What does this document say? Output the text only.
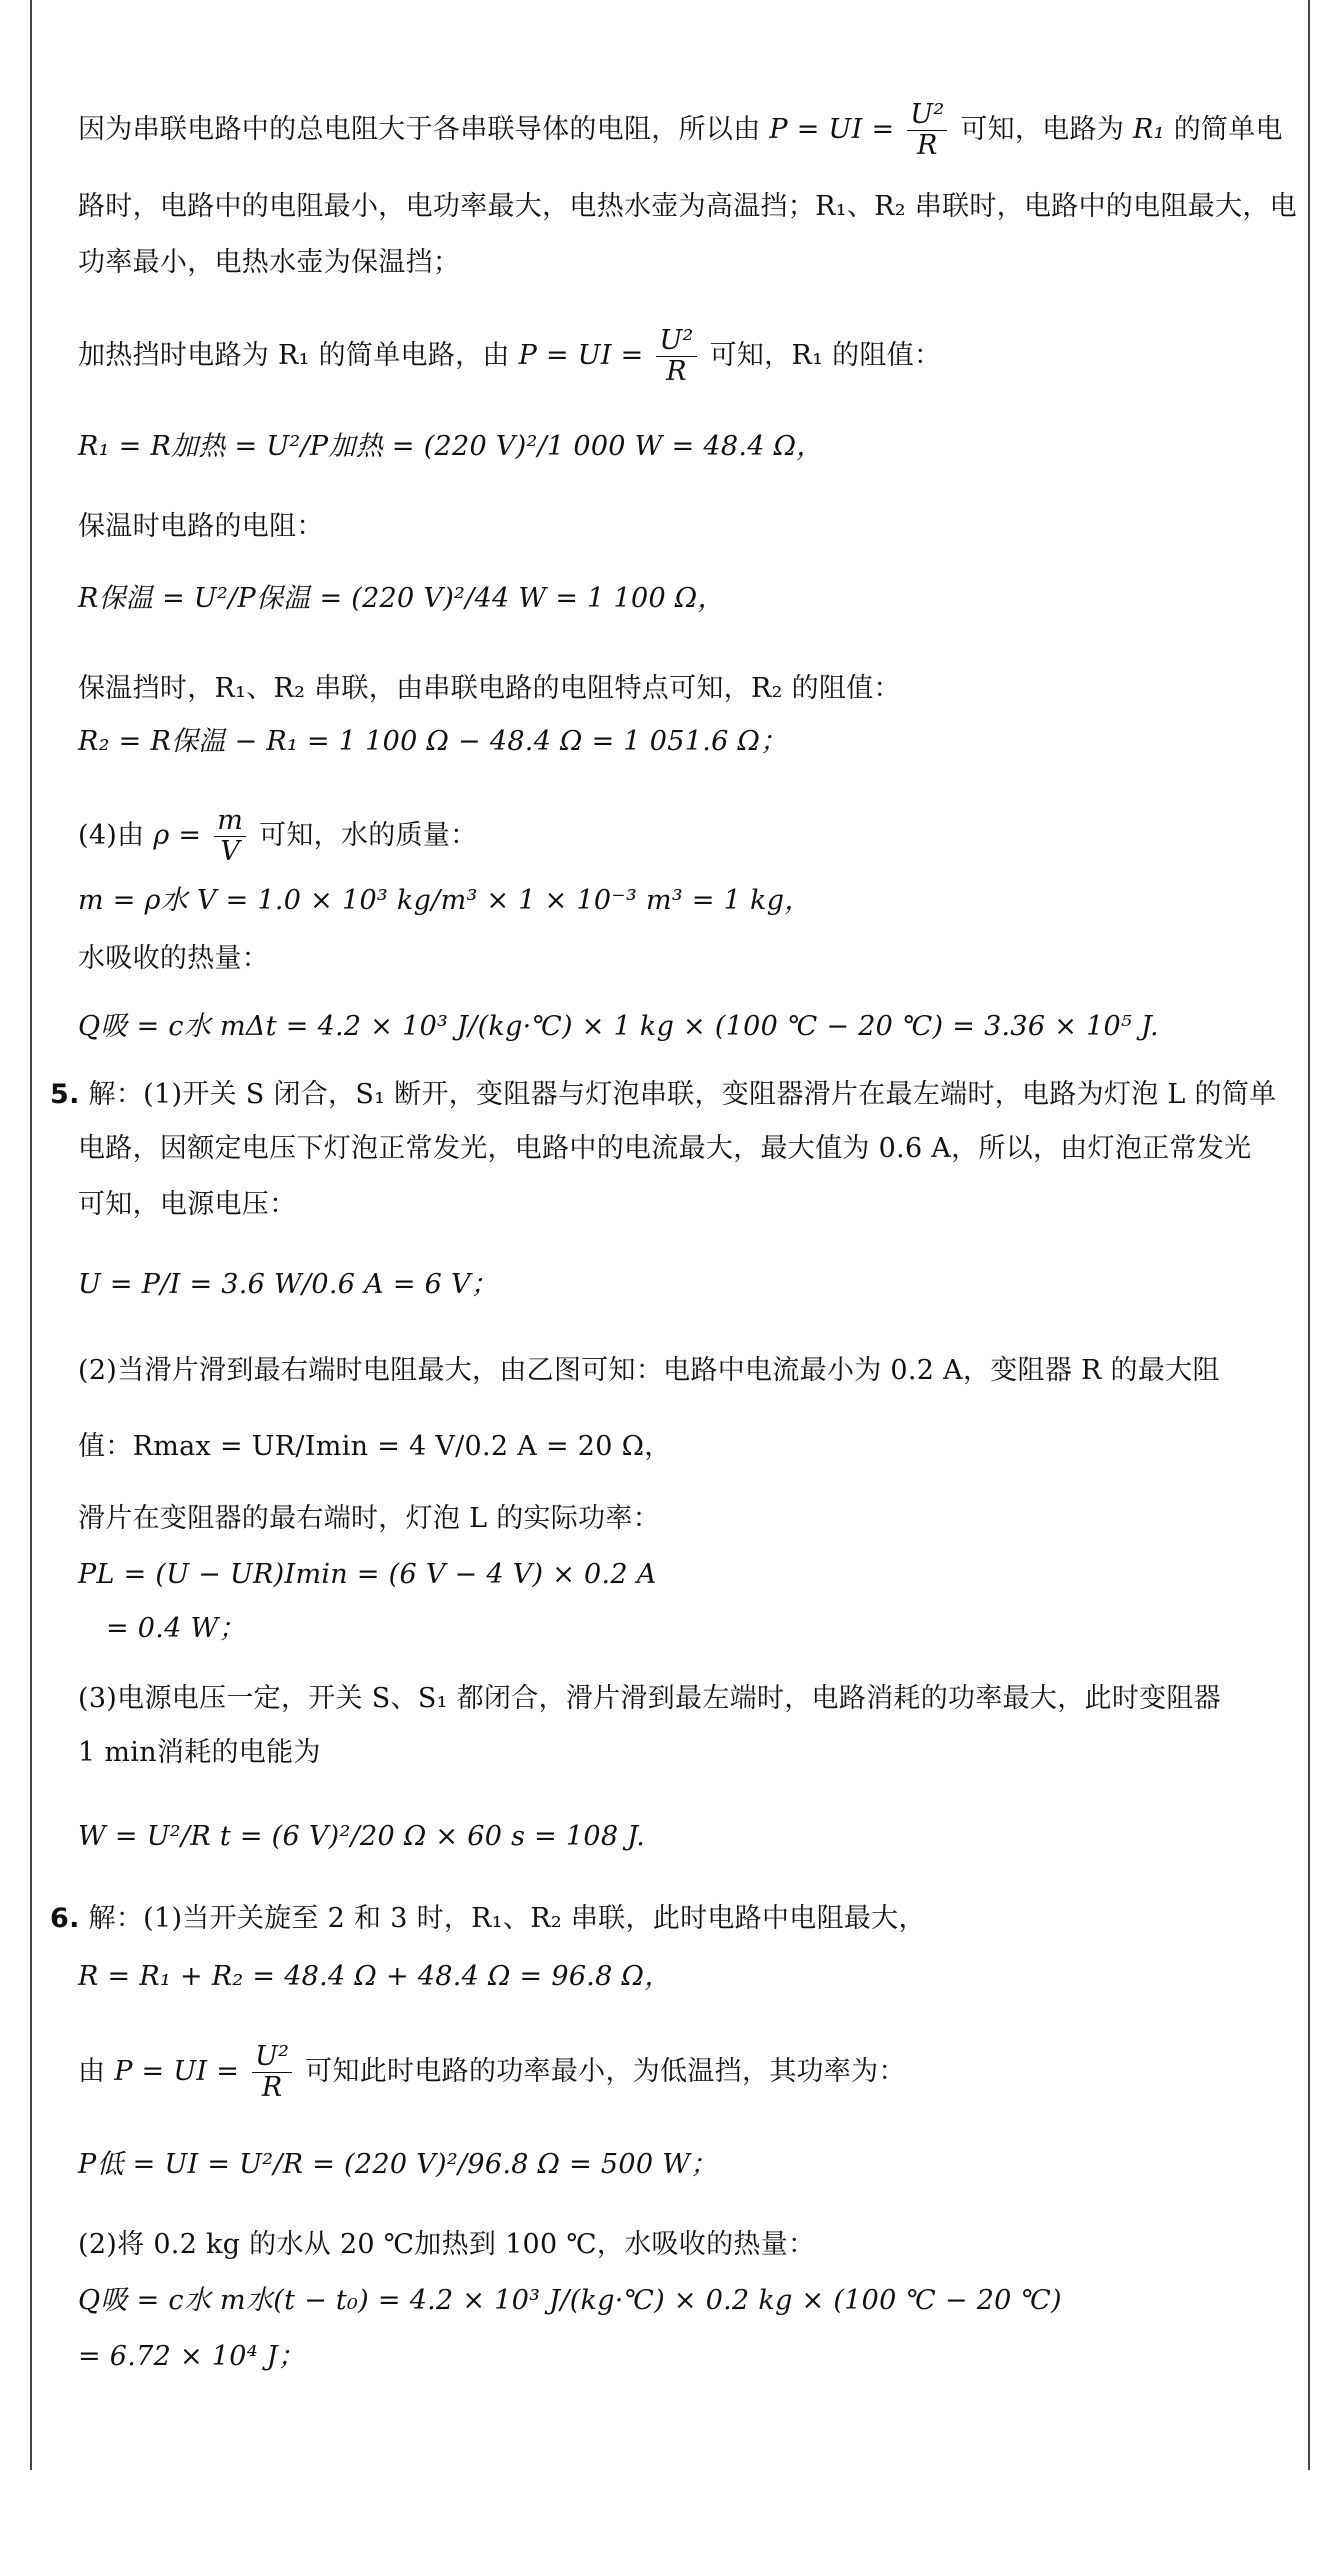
因为串联电路中的总电阻大于各串联导体的电阻，所以由 P = UI = $\frac{\text{U²}}{R}$ 可知，电路为 R₁ 的简单电
路时，电路中的电阻最小，电功率最大，电热水壶为高温挡；R₁、R₂ 串联时，电路中的电阻最大，电
功率最小，电热水壶为保温挡；
加热挡时电路为 R₁ 的简单电路，由 P = UI = $\frac{\text{U²}}{R}$ 可知，R₁ 的阻值：
R₁ = R加热 = U²/P加热 = (220 V)²/1 000 W = 48.4 Ω，
保温时电路的电阻：
R保温 = U²/P保温 = (220 V)²/44 W = 1 100 Ω，
保温挡时，R₁、R₂ 串联，由串联电路的电阻特点可知，R₂ 的阻值：
R₂ = R保温 − R₁ = 1 100 Ω − 48.4 Ω = 1 051.6 Ω；
(4)由 $\rho = \frac{m}{V}$ 可知，水的质量：
m = ρ水 V = 1.0 × 10³ kg/m³ × 1 × 10⁻³ m³ = 1 kg，
水吸收的热量：
Q吸 = c水 mΔt = 4.2 × 10³ J/(kg·℃) × 1 kg × (100 ℃ − 20 ℃) = 3.36 × 10⁵ J.
5. 解：(1)开关 S 闭合，S₁ 断开，变阻器与灯泡串联，变阻器滑片在最左端时，电路为灯泡 L 的简单
电路，因额定电压下灯泡正常发光，电路中的电流最大，最大值为 0.6 A，所以，由灯泡正常发光
可知，电源电压：
U = P/I = 3.6 W/0.6 A = 6 V；
(2)当滑片滑到最右端时电阻最大，由乙图可知：电路中电流最小为 0.2 A，变阻器 R 的最大阻
值：Rmax = UR/Imin = 4 V/0.2 A = 20 Ω，
滑片在变阻器的最右端时，灯泡 L 的实际功率：
PL = (U − UR)Imin = (6 V − 4 V) × 0.2 A
= 0.4 W；
(3)电源电压一定，开关 S、S₁ 都闭合，滑片滑到最左端时，电路消耗的功率最大，此时变阻器
1 min消耗的电能为
W = U²/R t = (6 V)²/20 Ω × 60 s = 108 J.
6. 解：(1)当开关旋至 2 和 3 时，R₁、R₂ 串联，此时电路中电阻最大，
R = R₁ + R₂ = 48.4 Ω + 48.4 Ω = 96.8 Ω，
由 P = UI = $\frac{\text{U²}}{R}$ 可知此时电路的功率最小，为低温挡，其功率为：
P低 = UI = U²/R = (220 V)²/96.8 Ω = 500 W；
(2)将 0.2 kg 的水从 20 ℃加热到 100 ℃，水吸收的热量：
Q吸 = c水 m水(t − t₀) = 4.2 × 10³ J/(kg·℃) × 0.2 kg × (100 ℃ − 20 ℃)
= 6.72 × 10⁴ J；
